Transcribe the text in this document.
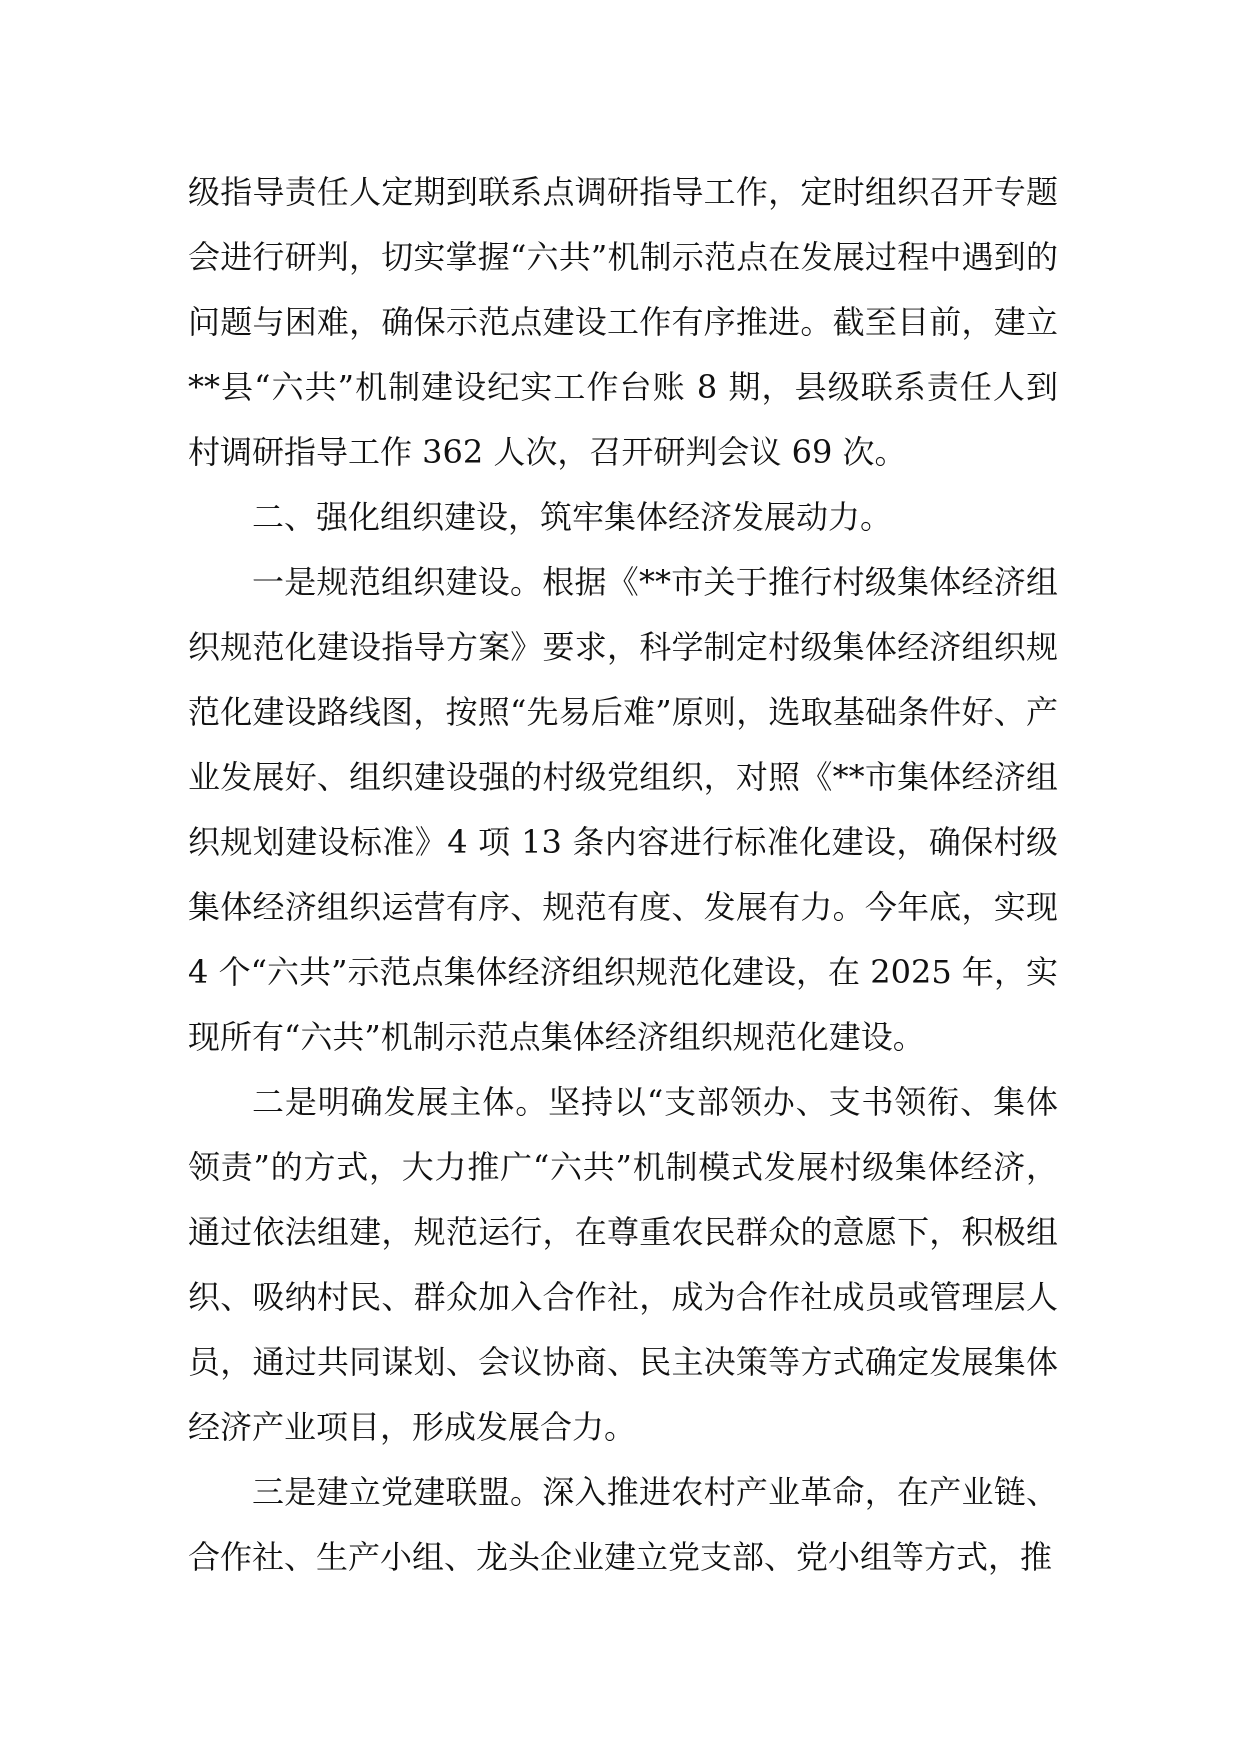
级指导责任人定期到联系点调研指导工作，定时组织召开专题会进行研判，切实掌握“六共”机制示范点在发展过程中遇到的问题与困难，确保示范点建设工作有序推进。截至目前，建立**县“六共”机制建设纪实工作台账 8 期，县级联系责任人到村调研指导工作 362 人次，召开研判会议 69 次。

二、强化组织建设，筑牢集体经济发展动力。

一是规范组织建设。根据《**市关于推行村级集体经济组织规范化建设指导方案》要求，科学制定村级集体经济组织规范化建设路线图，按照“先易后难”原则，选取基础条件好、产业发展好、组织建设强的村级党组织，对照《**市集体经济组织规划建设标准》4 项 13 条内容进行标准化建设，确保村级集体经济组织运营有序、规范有度、发展有力。今年底，实现 4 个“六共”示范点集体经济组织规范化建设，在 2025 年，实现所有“六共”机制示范点集体经济组织规范化建设。

二是明确发展主体。坚持以“支部领办、支书领衔、集体领责”的方式，大力推广“六共”机制模式发展村级集体经济，通过依法组建，规范运行，在尊重农民群众的意愿下，积极组织、吸纳村民、群众加入合作社，成为合作社成员或管理层人员，通过共同谋划、会议协商、民主决策等方式确定发展集体经济产业项目，形成发展合力。

三是建立党建联盟。深入推进农村产业革命，在产业链、合作社、生产小组、龙头企业建立党支部、党小组等方式，推
